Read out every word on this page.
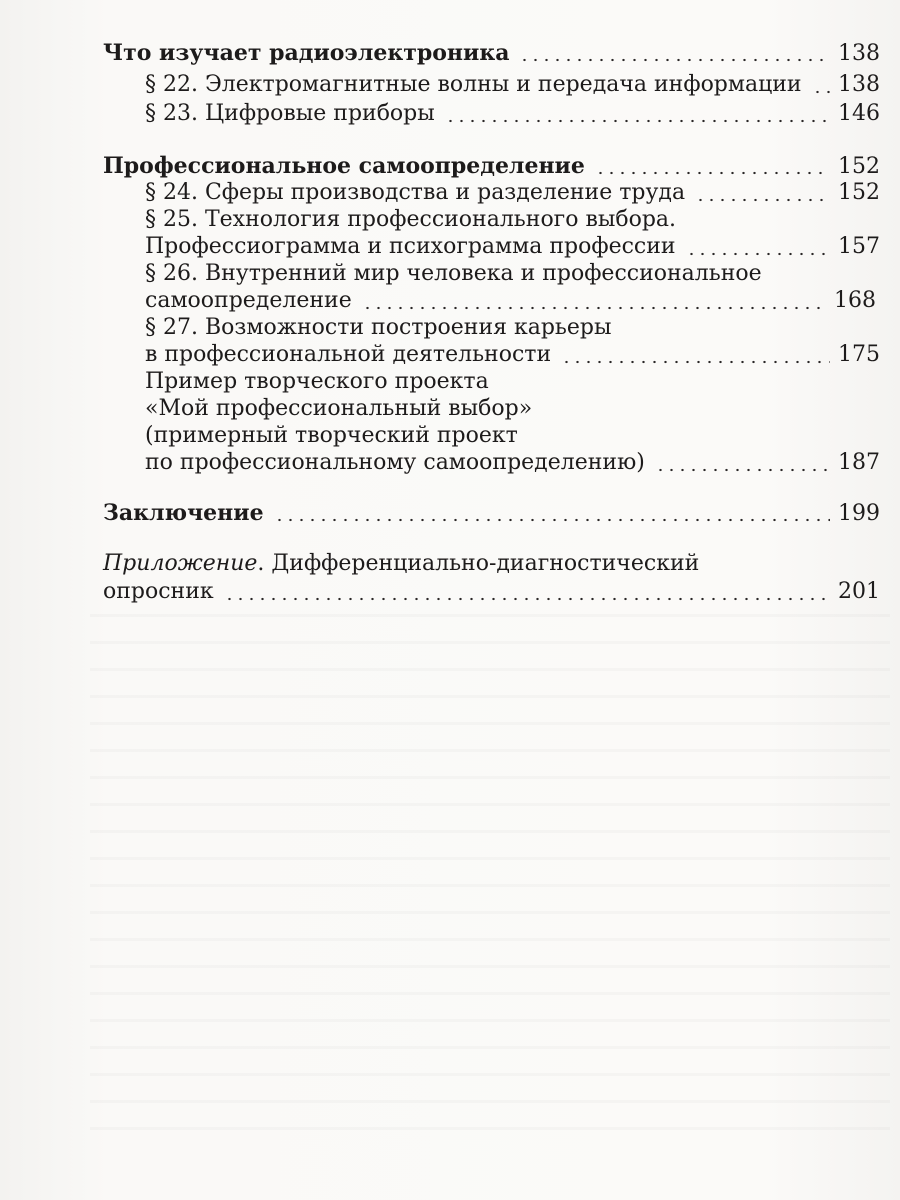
Что изучает радиоэлектроника	138
§ 22. Электромагнитные волны и передача информации 138
§ 23. Цифровые приборы	146
Профессиональное самоопределение	152
§ 24. Сферы производства и разделение труда	152
§ 25. Технология профессионального выбора.
Профессиограмма и психограмма профессии	157
§ 26. Внутренний мир человека и профессиональное
самоопределение	168
§ 27. Возможности построения карьеры
в профессиональной деятельности	175
Пример творческого проекта
«Мой профессиональный выбор»
(примерный творческий проект
по профессиональному самоопределению)	187
Заключение	199
Приложение . Дифференциально-диагностический
опросник	201
